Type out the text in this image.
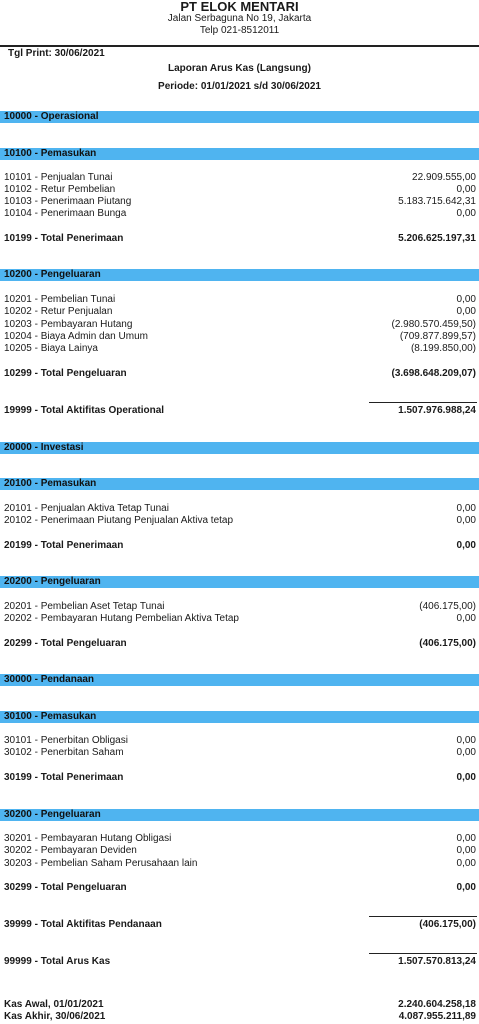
PT ELOK MENTARI
Jalan Serbaguna No 19, Jakarta
Telp 021-8512011
Tgl Print: 30/06/2021
Laporan Arus Kas (Langsung)
Periode: 01/01/2021 s/d 30/06/2021
10000 - Operasional
10100 - Pemasukan
10101 - Penjualan Tunai	22.909.555,00
10102 - Retur Pembelian	0,00
10103 - Penerimaan Piutang	5.183.715.642,31
10104 - Penerimaan Bunga	0,00
10199 - Total Penerimaan	5.206.625.197,31
10200 - Pengeluaran
10201 - Pembelian Tunai	0,00
10202 - Retur Penjualan	0,00
10203 - Pembayaran Hutang	(2.980.570.459,50)
10204 - Biaya Admin dan Umum	(709.877.899,57)
10205 - Biaya Lainya	(8.199.850,00)
10299 - Total Pengeluaran	(3.698.648.209,07)
19999 - Total Aktifitas Operational	1.507.976.988,24
20000 - Investasi
20100 - Pemasukan
20101 - Penjualan Aktiva Tetap Tunai	0,00
20102 - Penerimaan Piutang Penjualan Aktiva tetap	0,00
20199 - Total Penerimaan	0,00
20200 - Pengeluaran
20201 - Pembelian Aset Tetap Tunai	(406.175,00)
20202 - Pembayaran Hutang Pembelian Aktiva Tetap	0,00
20299 - Total Pengeluaran	(406.175,00)
30000 - Pendanaan
30100 - Pemasukan
30101 - Penerbitan Obligasi	0,00
30102 - Penerbitan Saham	0,00
30199 - Total Penerimaan	0,00
30200 - Pengeluaran
30201 - Pembayaran Hutang Obligasi	0,00
30202 - Pembayaran Deviden	0,00
30203 - Pembelian Saham Perusahaan lain	0,00
30299 - Total Pengeluaran	0,00
39999 - Total Aktifitas Pendanaan	(406.175,00)
99999 - Total Arus Kas	1.507.570.813,24
Kas Awal, 01/01/2021	2.240.604.258,18
Kas Akhir, 30/06/2021	4.087.955.211,89
